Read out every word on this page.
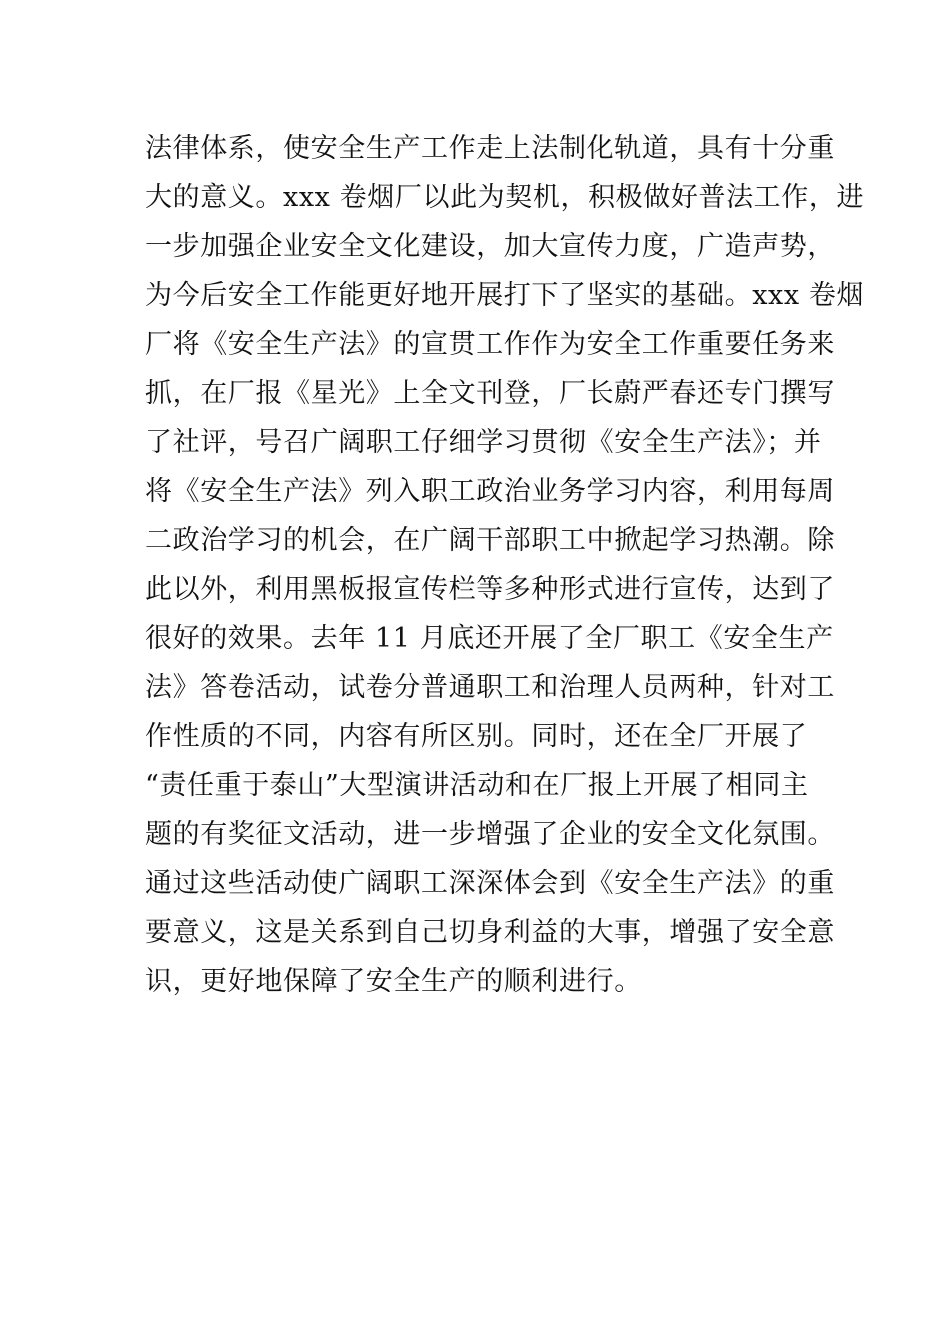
法律体系，使安全生产工作走上法制化轨道，具有十分重
大的意义。xxx 卷烟厂以此为契机，积极做好普法工作，进
一步加强企业安全文化建设，加大宣传力度，广造声势，
为今后安全工作能更好地开展打下了坚实的基础。xxx 卷烟
厂将《安全生产法》的宣贯工作作为安全工作重要任务来
抓，在厂报《星光》上全文刊登，厂长蔚严春还专门撰写
了社评，号召广阔职工仔细学习贯彻《安全生产法》；并
将《安全生产法》列入职工政治业务学习内容，利用每周
二政治学习的机会，在广阔干部职工中掀起学习热潮。除
此以外，利用黑板报宣传栏等多种形式进行宣传，达到了
很好的效果。去年 11 月底还开展了全厂职工《安全生产
法》答卷活动，试卷分普通职工和治理人员两种，针对工
作性质的不同，内容有所区别。同时，还在全厂开展了
“责任重于泰山”大型演讲活动和在厂报上开展了相同主
题的有奖征文活动，进一步增强了企业的安全文化氛围。
通过这些活动使广阔职工深深体会到《安全生产法》的重
要意义，这是关系到自己切身利益的大事，增强了安全意
识，更好地保障了安全生产的顺利进行。
